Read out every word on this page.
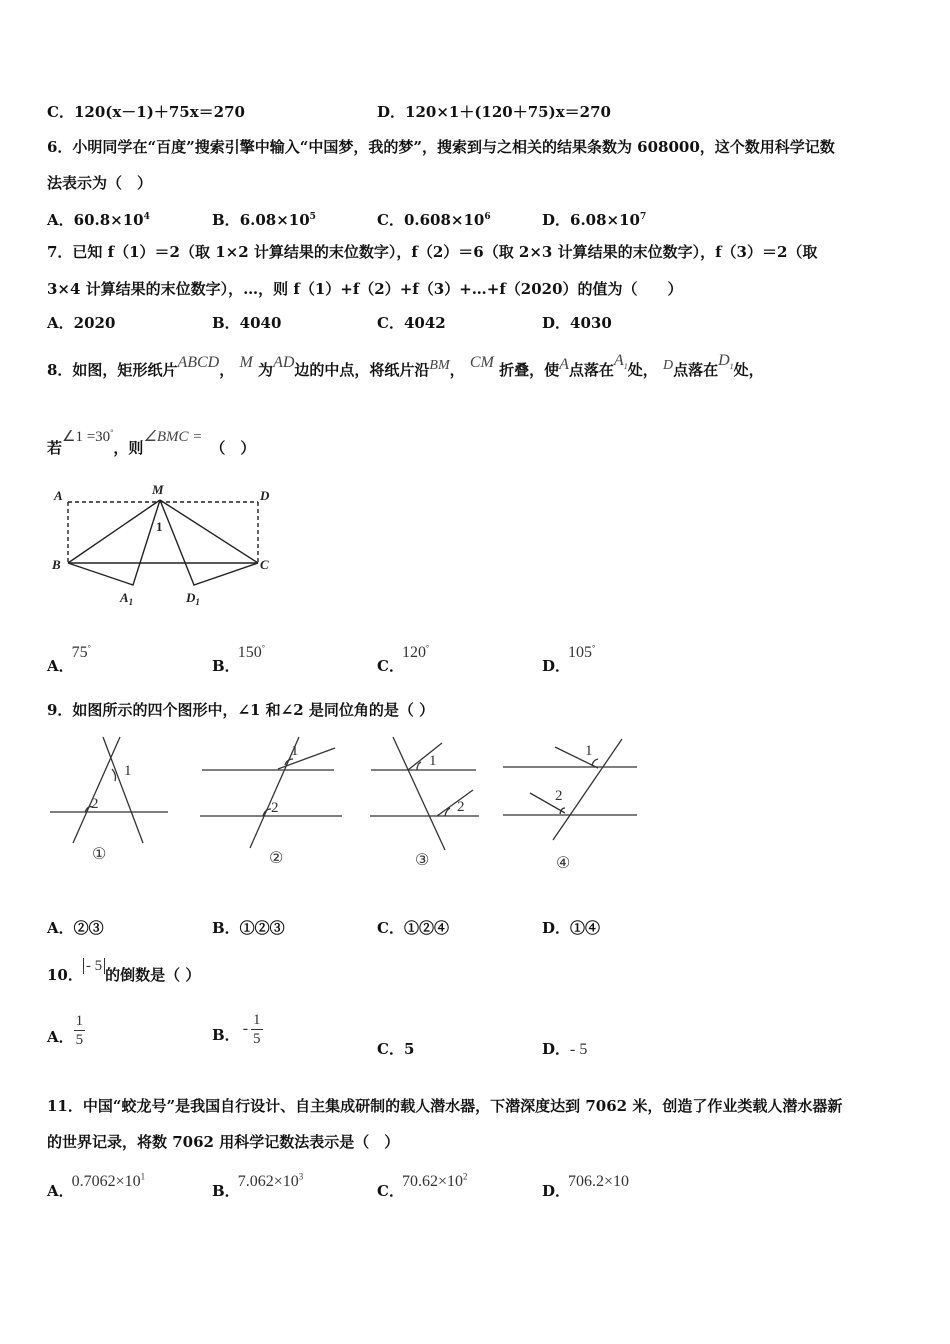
C．120(x－1)＋75x＝270	D．120×1＋(120＋75)x＝270
6．小明同学在“百度”搜索引擎中输入“中国梦，我的梦”，搜索到与之相关的结果条数为 608000，这个数用科学记数
法表示为（　）
A．$60.8\times 10^4$	B．$6.08\times 10^5$	C．$0.608\times 10^6$	D．$6.08\times 10^7$
7．已知 f（1）＝2（取 1×2 计算结果的末位数字），f（2）＝6（取 2×3 计算结果的末位数字），f（3）＝2（取
3×4 计算结果的末位数字），…，则 f（1）+f（2）+f（3）+…+f（2020）的值为（　　）
A．2020	B．4040	C．4042	D．4030
8．如图，矩形纸片ABCD， M 为AD边的中点，将纸片沿BM， CM 折叠，使A点落在$A_1$处， D点落在$D_1$处，
若∠1 =30°，则∠BMC =（　）
A	M	D
B	C
$A_1$	$D_1$
1
A．75°
B．150°
C．120°
D．105°
9．如图所示的四个图形中，∠1 和∠2 是同位角的是（ ）
1
2
1
2
1
2
1
2
①	②	③	④
A．②③	B．①②③	C．①②④	D．①④
10． - 5 的倒数是（ ）
A． $\frac{1}{5}$	B． - $\frac{1}{5}$
C．5	D．- 5
11．中国“蛟龙号”是我国自行设计、自主集成研制的载人潜水器，下潜深度达到 7062 米，创造了作业类载人潜水器新
的世界记录，将数 7062 用科学记数法表示是（　）
A．$0.7062\times 10^1$
B．$7.062\times 10^3$
C．$70.62\times 10^2$
D．706.2×10
